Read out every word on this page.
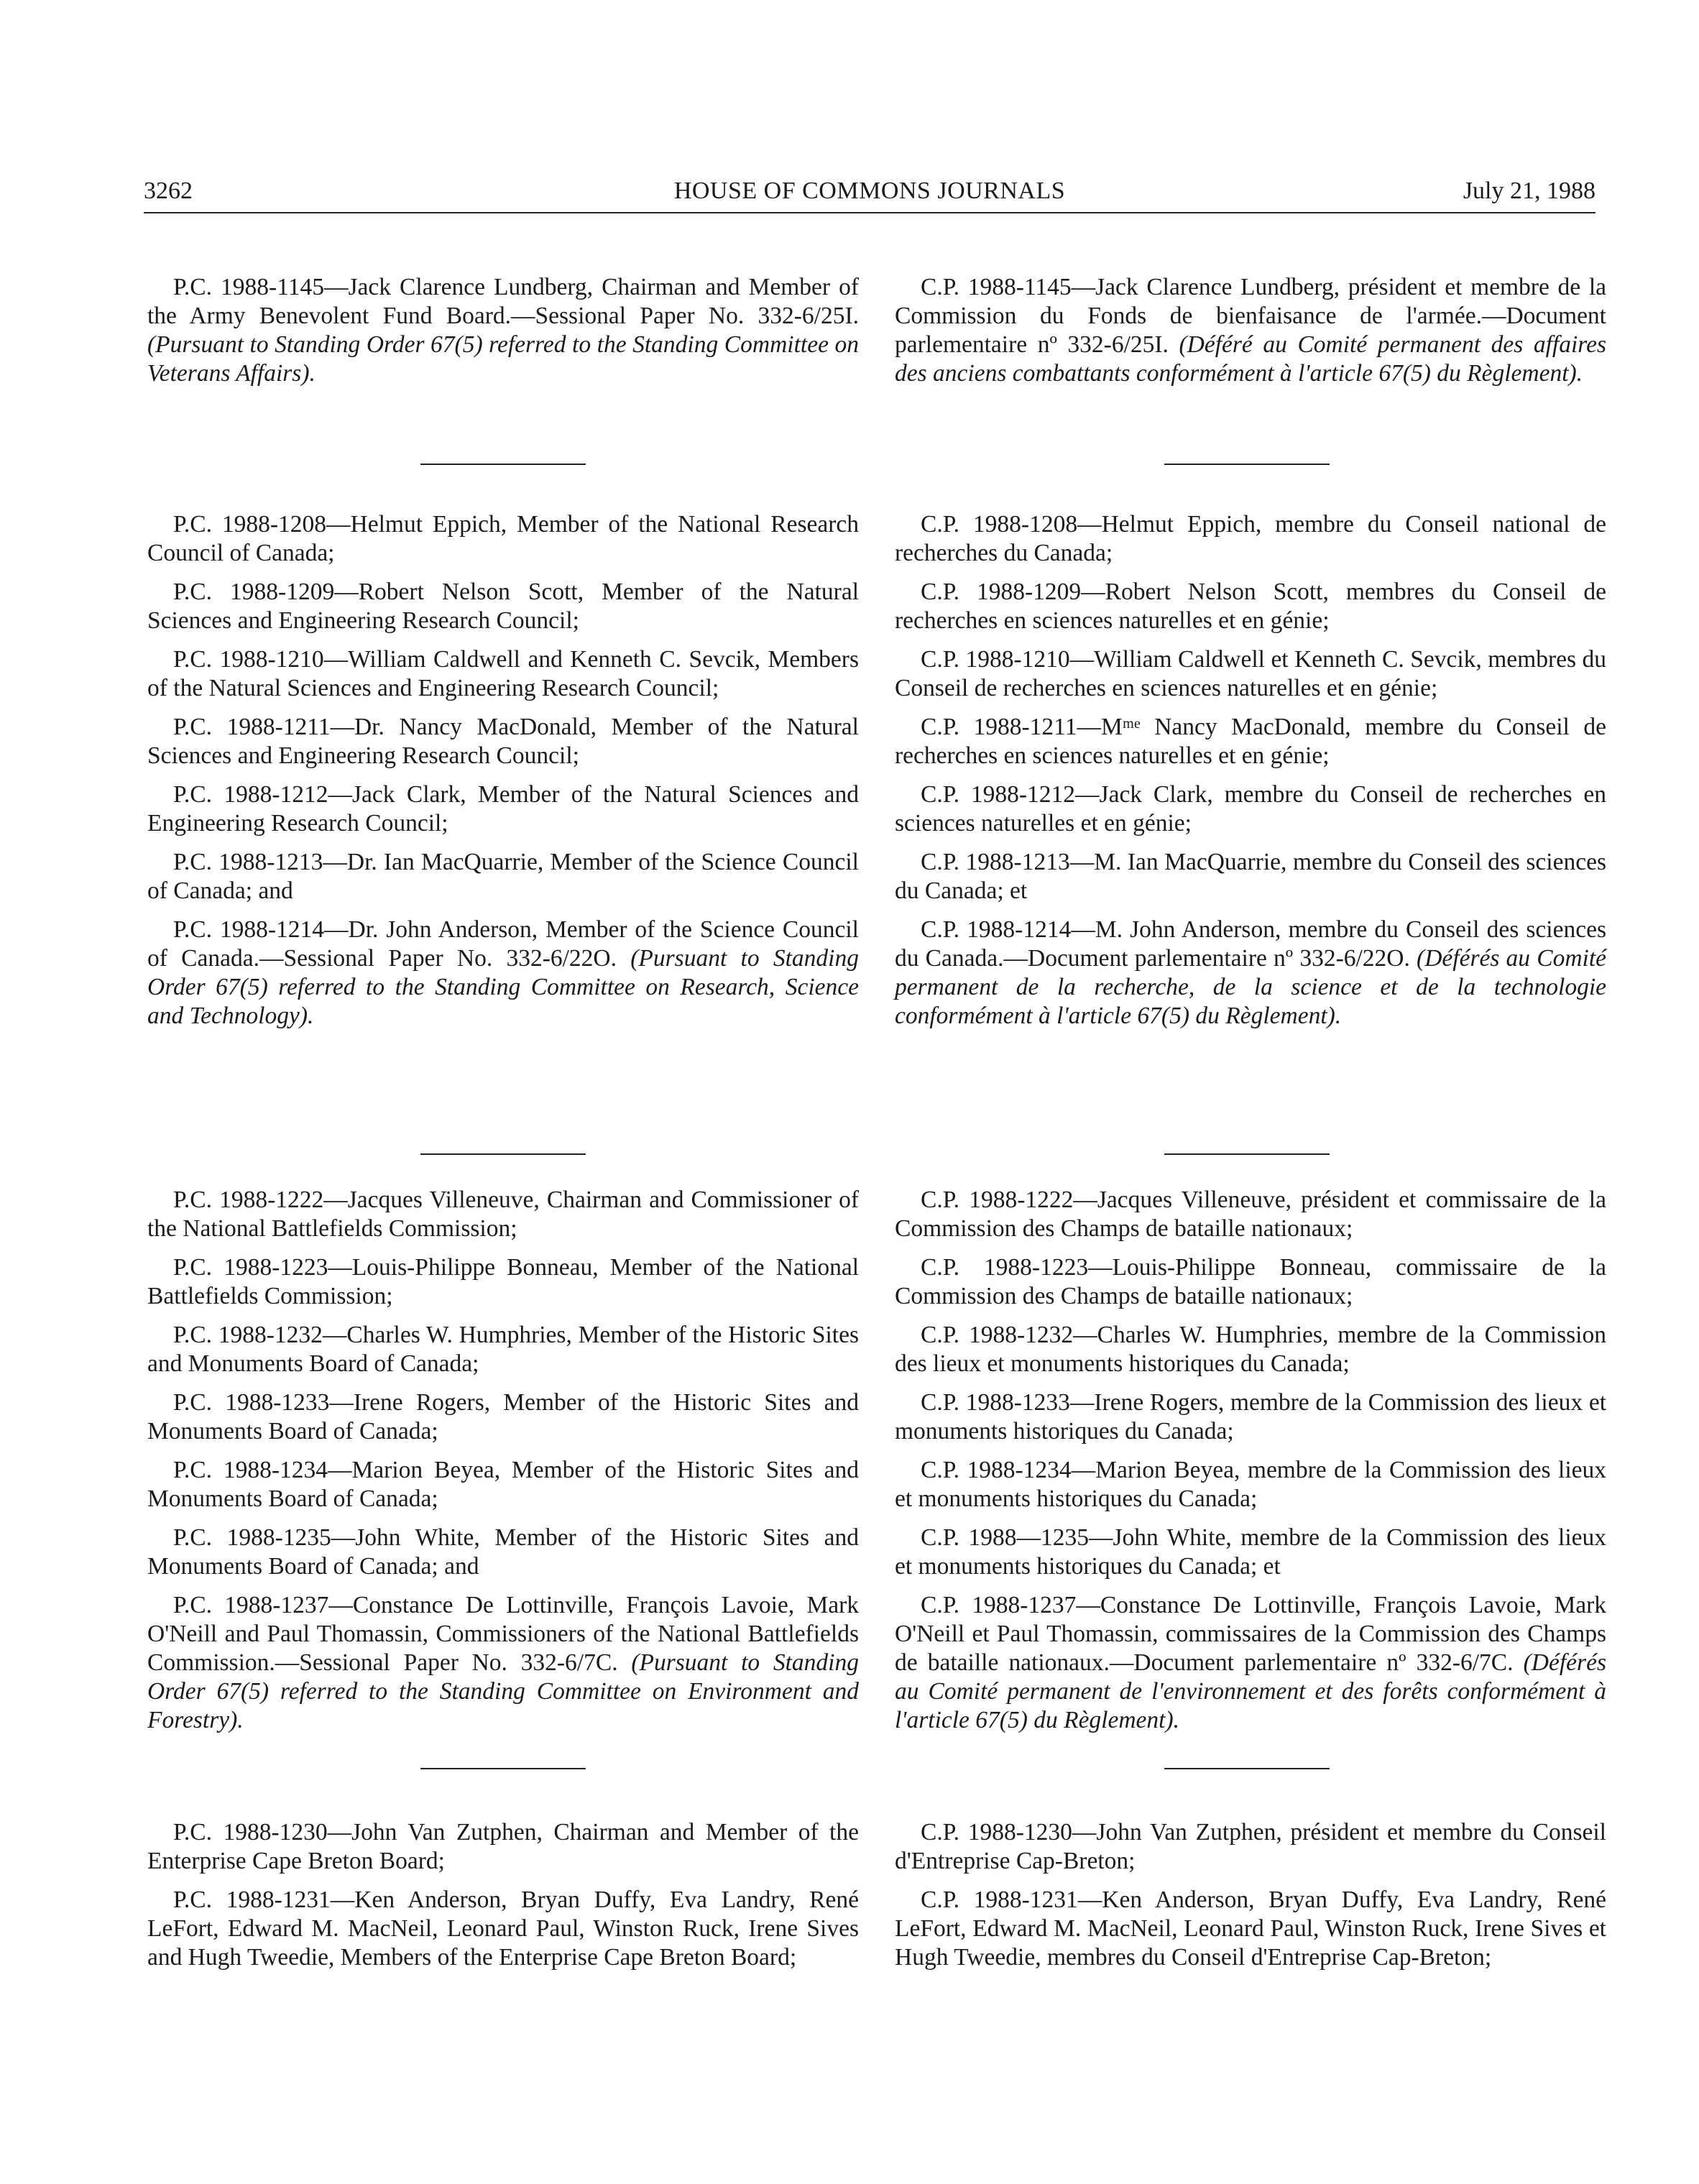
3262	HOUSE OF COMMONS JOURNALS	July 21, 1988

P.C. 1988-1145—Jack Clarence Lundberg, Chairman and Member of the Army Benevolent Fund Board.—Sessional Paper No. 332-6/25I. (Pursuant to Standing Order 67(5) referred to the Standing Committee on Veterans Affairs).

P.C. 1988-1208—Helmut Eppich, Member of the National Research Council of Canada;

P.C. 1988-1209—Robert Nelson Scott, Member of the Natural Sciences and Engineering Research Council;

P.C. 1988-1210—William Caldwell and Kenneth C. Sevcik, Members of the Natural Sciences and Engineering Research Council;

P.C. 1988-1211—Dr. Nancy MacDonald, Member of the Natural Sciences and Engineering Research Council;

P.C. 1988-1212—Jack Clark, Member of the Natural Sciences and Engineering Research Council;

P.C. 1988-1213—Dr. Ian MacQuarrie, Member of the Science Council of Canada; and

P.C. 1988-1214—Dr. John Anderson, Member of the Science Council of Canada.—Sessional Paper No. 332-6/22O. (Pursuant to Standing Order 67(5) referred to the Standing Committee on Research, Science and Technology).

P.C. 1988-1222—Jacques Villeneuve, Chairman and Commissioner of the National Battlefields Commission;

P.C. 1988-1223—Louis-Philippe Bonneau, Member of the National Battlefields Commission;

P.C. 1988-1232—Charles W. Humphries, Member of the Historic Sites and Monuments Board of Canada;

P.C. 1988-1233—Irene Rogers, Member of the Historic Sites and Monuments Board of Canada;

P.C. 1988-1234—Marion Beyea, Member of the Historic Sites and Monuments Board of Canada;

P.C. 1988-1235—John White, Member of the Historic Sites and Monuments Board of Canada; and

P.C. 1988-1237—Constance De Lottinville, François Lavoie, Mark O'Neill and Paul Thomassin, Commissioners of the National Battlefields Commission.—Sessional Paper No. 332-6/7C. (Pursuant to Standing Order 67(5) referred to the Standing Committee on Environment and Forestry).

P.C. 1988-1230—John Van Zutphen, Chairman and Member of the Enterprise Cape Breton Board;

P.C. 1988-1231—Ken Anderson, Bryan Duffy, Eva Landry, René LeFort, Edward M. MacNeil, Leonard Paul, Winston Ruck, Irene Sives and Hugh Tweedie, Members of the Enterprise Cape Breton Board;

C.P. 1988-1145—Jack Clarence Lundberg, président et membre de la Commission du Fonds de bienfaisance de l'armée.—Document parlementaire nº 332-6/25I. (Déféré au Comité permanent des affaires des anciens combattants conformément à l'article 67(5) du Règlement).

C.P. 1988-1208—Helmut Eppich, membre du Conseil national de recherches du Canada;

C.P. 1988-1209—Robert Nelson Scott, membres du Conseil de recherches en sciences naturelles et en génie;

C.P. 1988-1210—William Caldwell et Kenneth C. Sevcik, membres du Conseil de recherches en sciences naturelles et en génie;

C.P. 1988-1211—Mᵐᵉ Nancy MacDonald, membre du Conseil de recherches en sciences naturelles et en génie;

C.P. 1988-1212—Jack Clark, membre du Conseil de recherches en sciences naturelles et en génie;

C.P. 1988-1213—M. Ian MacQuarrie, membre du Conseil des sciences du Canada; et

C.P. 1988-1214—M. John Anderson, membre du Conseil des sciences du Canada.—Document parlementaire nº 332-6/22O. (Déférés au Comité permanent de la recherche, de la science et de la technologie conformément à l'article 67(5) du Règlement).

C.P. 1988-1222—Jacques Villeneuve, président et commissaire de la Commission des Champs de bataille nationaux;

C.P. 1988-1223—Louis-Philippe Bonneau, commissaire de la Commission des Champs de bataille nationaux;

C.P. 1988-1232—Charles W. Humphries, membre de la Commission des lieux et monuments historiques du Canada;

C.P. 1988-1233—Irene Rogers, membre de la Commission des lieux et monuments historiques du Canada;

C.P. 1988-1234—Marion Beyea, membre de la Commission des lieux et monuments historiques du Canada;

C.P. 1988—1235—John White, membre de la Commission des lieux et monuments historiques du Canada; et

C.P. 1988-1237—Constance De Lottinville, François Lavoie, Mark O'Neill et Paul Thomassin, commissaires de la Commission des Champs de bataille nationaux.—Document parlementaire nº 332-6/7C. (Déférés au Comité permanent de l'environnement et des forêts conformément à l'article 67(5) du Règlement).

C.P. 1988-1230—John Van Zutphen, président et membre du Conseil d'Entreprise Cap-Breton;

C.P. 1988-1231—Ken Anderson, Bryan Duffy, Eva Landry, René LeFort, Edward M. MacNeil, Leonard Paul, Winston Ruck, Irene Sives et Hugh Tweedie, membres du Conseil d'Entreprise Cap-Breton;
